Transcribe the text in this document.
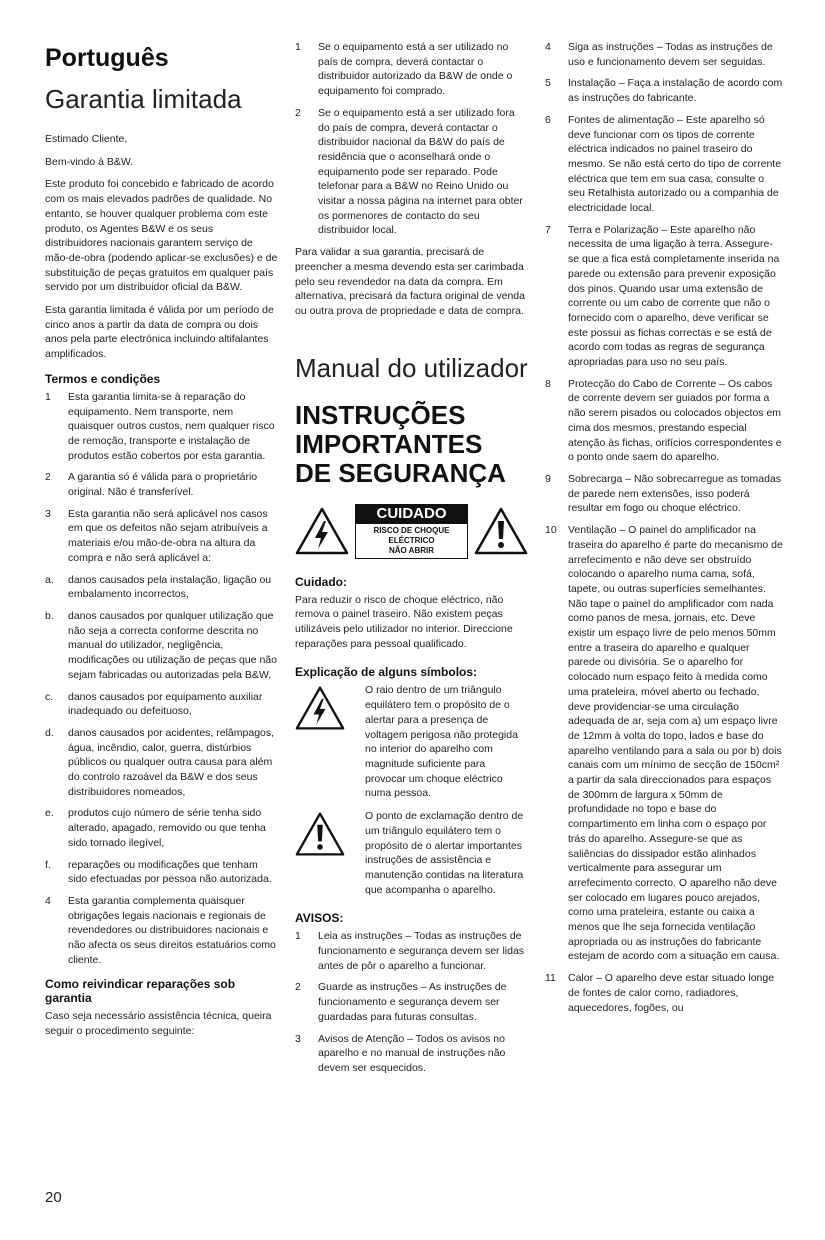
Português
Garantia limitada

Estimado Cliente,

Bem-vindo à B&W.

Este produto foi concebido e fabricado de acordo com os mais elevados padrões de qualidade. No entanto, se houver qualquer problema com este produto, os Agentes B&W e os seus distribuidores nacionais garantem serviço de mão-de-obra (podendo aplicar-se exclusões) e de substituição de peças gratuitos em qualquer país servido por um distribuidor oficial da B&W.

Esta garantia limitada é válida por um período de cinco anos a partir da data de compra ou dois anos pela parte electrónica incluindo altifalantes amplificados.

Termos e condições
1	Esta garantia limita-se à reparação do equipamento. Nem transporte, nem quaisquer outros custos, nem qualquer risco de remoção, transporte e instalação de produtos estão cobertos por esta garantia.
2	A garantia só é válida para o proprietário original. Não é transferível.
3	Esta garantia não será aplicável nos casos em que os defeitos não sejam atribuíveis a materiais e/ou mão-de-obra na altura da compra e não será aplicável a:
a.	danos causados pela instalação, ligação ou embalamento incorrectos,
b.	danos causados por qualquer utilização que não seja a correcta conforme descrita no manual do utilizador, negligência, modificações ou utilização de peças que não sejam fabricadas ou autorizadas pela B&W,
c.	danos causados por equipamento auxiliar inadequado ou defeituoso,
d.	danos causados por acidentes, relâmpagos, água, incêndio, calor, guerra, distúrbios públicos ou qualquer outra causa para além do controlo razoável da B&W e dos seus distribuidores nomeados,
e.	produtos cujo número de série tenha sido alterado, apagado, removido ou que tenha sido tornado ilegível,
f.	reparações ou modificações que tenham sido efectuadas por pessoa não autorizada.
4	Esta garantia complementa quaisquer obrigações legais nacionais e regionais de revendedores ou distribuidores nacionais e não afecta os seus direitos estatuários como cliente.
Como reivindicar reparações sob garantia

Caso seja necessário assistência técnica, queira seguir o procedimento seguinte:

1	Se o equipamento está a ser utilizado no país de compra, deverá contactar o distribuidor autorizado da B&W de onde o equipamento foi comprado.
2	Se o equipamento está a ser utilizado fora do país de compra, deverá contactar o distribuidor nacional da B&W do país de residência que o aconselhará onde o equipamento pode ser reparado. Pode telefonar para a B&W no Reino Unido ou visitar a nossa página na internet para obter os pormenores de contacto do seu distribuidor local.

Para validar a sua garantia, precisará de preencher a mesma devendo esta ser carimbada pelo seu revendedor na data da compra. Em alternativa, precisará da factura original de venda ou outra prova de propriedade e data de compra.

Manual do utilizador
INSTRUÇÕES
IMPORTANTES
DE SEGURANÇA
CUIDADO
RISCO DE CHOQUE ELÉCTRICO
NÃO ABRIR
Cuidado:

Para reduzir o risco de choque eléctrico, não remova o painel traseiro. Não existem peças utilizáveis pelo utilizador no interior. Direccione reparações para pessoal qualificado.

Explicação de alguns símbolos:
O raio dentro de um triângulo equilátero tem o propósito de o alertar para a presença de voltagem perigosa não protegida no interior do aparelho com magnitude suficiente para provocar um choque eléctrico numa pessoa.
O ponto de exclamação dentro de um triângulo equilátero tem o propósito de o alertar importantes instruções de assistência e manutenção contidas na literatura que acompanha o aparelho.
AVISOS:
1	Leia as instruções – Todas as instruções de funcionamento e segurança devem ser lidas antes de pôr o aparelho a funcionar.
2	Guarde as instruções – As instruções de funcionamento e segurança devem ser guardadas para futuras consultas.
3	Avisos de Atenção – Todos os avisos no aparelho e no manual de instruções não devem ser esquecidos.
4	Siga as instruções – Todas as instruções de uso e funcionamento devem ser seguidas.
5	Instalação – Faça a instalação de acordo com as instruções do fabricante.
6	Fontes de alimentação – Este aparelho só deve funcionar com os tipos de corrente eléctrica indicados no painel traseiro do mesmo. Se não está certo do tipo de corrente eléctrica que tem em sua casa, consulte o seu Retalhista autorizado ou a companhia de electricidade local.
7	Terra e Polarização – Este aparelho não necessita de uma ligação à terra. Assegure-se que a fica está completamente inserida na parede ou extensão para prevenir exposição dos pinos. Quando usar uma extensão de corrente ou um cabo de corrente que não o fornecido com o aparelho, deve verificar se este possui as fichas correctas e se está de acordo com todas as regras de segurança apropriadas para uso no seu país.
8	Protecção do Cabo de Corrente – Os cabos de corrente devem ser guiados por forma a não serem pisados ou colocados objectos em cima dos mesmos, prestando especial atenção às fichas, orifícios correspondentes e o ponto onde saem do aparelho.
9	Sobrecarga – Não sobrecarregue as tomadas de parede nem extensões, isso poderá resultar em fogo ou choque eléctrico.
10	Ventilação – O painel do amplificador na traseira do aparelho é parte do mecanismo de arrefecimento e não deve ser obstruído colocando o aparelho numa cama, sofá, tapete, ou outras superfícies semelhantes. Não tape o painel do amplificador com nada como panos de mesa, jornais, etc. Deve existir um espaço livre de pelo menos 50mm entre a traseira do aparelho e qualquer parede ou divisória. Se o aparelho for colocado num espaço feito à medida como uma prateleira, móvel aberto ou fechado, deve providenciar-se uma circulação adequada de ar, seja com a) um espaço livre de 12mm à volta do topo, lados e base do aparelho ventilando para a sala ou por b) dois canais com um mínimo de secção de 150cm² a partir da sala direccionados para espaços de 300mm de largura x 50mm de profundidade no topo e base do compartimento em linha com o espaço por trás do aparelho. Assegure-se que as saliências do dissipador estão alinhados verticalmente para assegurar um arrefecimento correcto. O aparelho não deve ser colocado em lugares pouco arejados, como uma prateleira, estante ou caixa a menos que lhe seja fornecida ventilação apropriada ou as instruções do fabricante estejam de acordo com a situação em causa.
11	Calor – O aparelho deve estar situado longe de fontes de calor como, radiadores, aquecedores, fogões, ou
20
